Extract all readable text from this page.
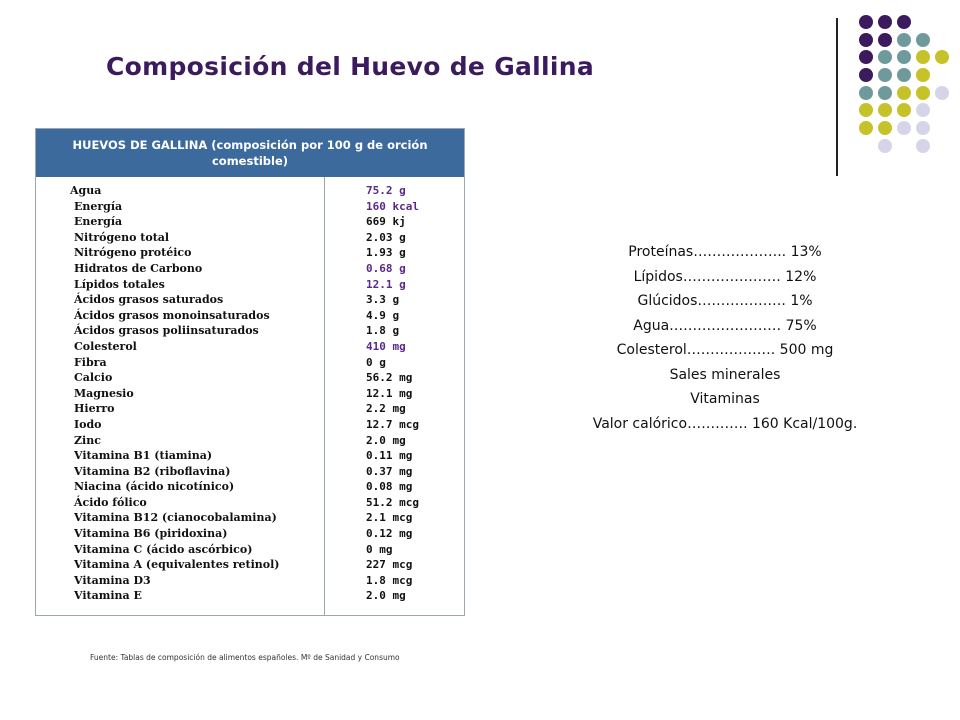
Composición del Huevo de Gallina
HUEVOS DE GALLINA (composición por 100 g de orción comestible)
Agua
Energía
Energía
Nitrógeno total
Nitrógeno protéico
Hidratos de Carbono
Lípidos totales
Ácidos grasos saturados
Ácidos grasos monoinsaturados
Ácidos grasos poliinsaturados
Colesterol
Fibra
Calcio
Magnesio
Hierro
Iodo
Zinc
Vitamina B1 (tiamina)
Vitamina B2 (riboflavina)
Niacina (ácido nicotínico)
Ácido fólico
Vitamina B12 (cianocobalamina)
Vitamina B6 (piridoxina)
Vitamina C (ácido ascórbico)
Vitamina A (equivalentes retinol)
Vitamina D3
Vitamina E
75.2 g
160 kcal
669 kj
2.03 g
1.93 g
0.68 g
12.1 g
3.3 g
4.9 g
1.8 g
410 mg
0 g
56.2 mg
12.1 mg
2.2 mg
12.7 mcg
2.0 mg
0.11 mg
0.37 mg
0.08 mg
51.2 mcg
2.1 mcg
0.12 mg
0 mg
227 mcg
1.8 mcg
2.0 mg
Proteínas……………….. 13%
Lípidos………………… 12%
Glúcidos………………. 1%
Agua…………………… 75%
Colesterol………………. 500 mg
Sales minerales
Vitaminas
Valor calórico…………. 160 Kcal/100g.
Fuente: Tablas de composición de alimentos españoles. Mº de Sanidad y Consumo
